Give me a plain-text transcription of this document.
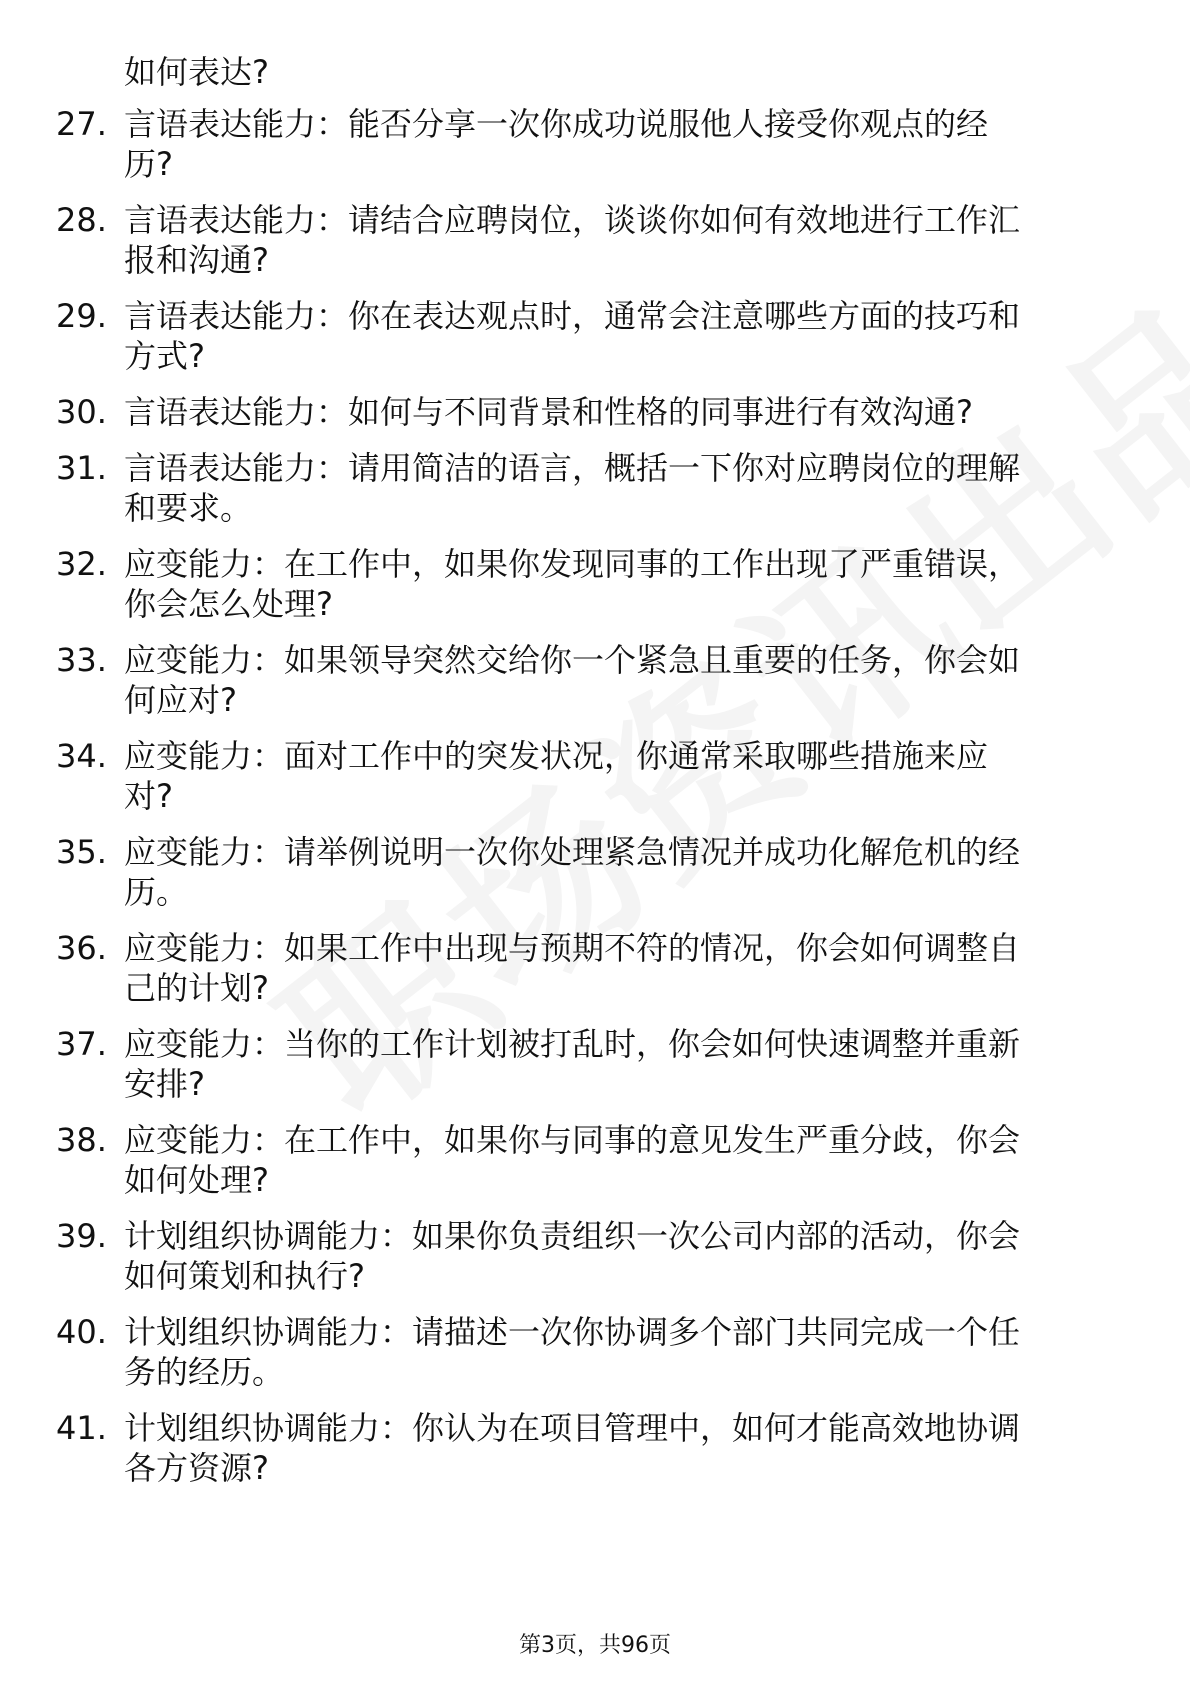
如何表达?
27. 言语表达能力：能否分享一次你成功说服他人接受你观点的经
历?
28. 言语表达能力：请结合应聘岗位，谈谈你如何有效地进行工作汇
报和沟通?
29. 言语表达能力：你在表达观点时，通常会注意哪些方面的技巧和
方式?
30. 言语表达能力：如何与不同背景和性格的同事进行有效沟通?
31. 言语表达能力：请用简洁的语言，概括一下你对应聘岗位的理解
和要求。
32. 应变能力：在工作中，如果你发现同事的工作出现了严重错误，
你会怎么处理?
33. 应变能力：如果领导突然交给你一个紧急且重要的任务，你会如
何应对?
34. 应变能力：面对工作中的突发状况，你通常采取哪些措施来应
对?
35. 应变能力：请举例说明一次你处理紧急情况并成功化解危机的经
历。
36. 应变能力：如果工作中出现与预期不符的情况，你会如何调整自
己的计划?
37. 应变能力：当你的工作计划被打乱时，你会如何快速调整并重新
安排?
38. 应变能力：在工作中，如果你与同事的意见发生严重分歧，你会
如何处理?
39. 计划组织协调能力：如果你负责组织一次公司内部的活动，你会
如何策划和执行?
40. 计划组织协调能力：请描述一次你协调多个部门共同完成一个任
务的经历。
41. 计划组织协调能力：你认为在项目管理中，如何才能高效地协调
各方资源?
第3页，共96页
